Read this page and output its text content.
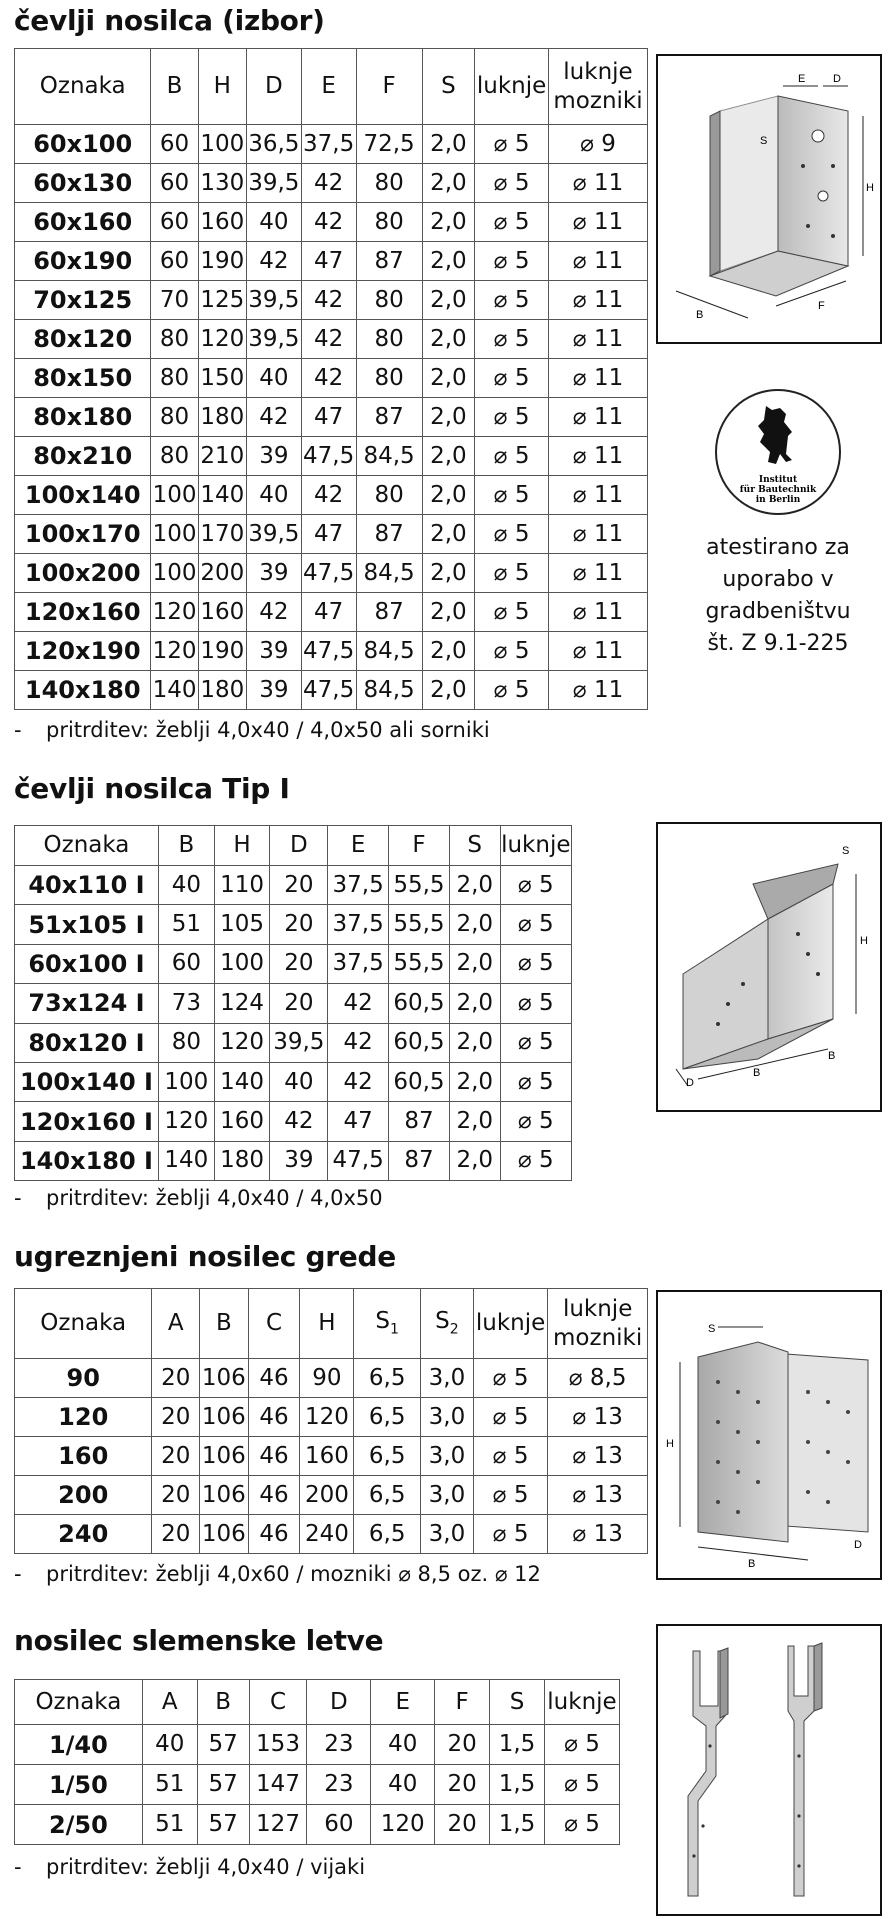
čevlji nosilca (izbor)
Oznaka	B	H	D	E	F	S	luknje	luknje mozniki
60x100	60	100	36,5	37,5	72,5	2,0	⌀ 5	⌀ 9
60x130	60	130	39,5	42	80	2,0	⌀ 5	⌀ 11
60x160	60	160	40	42	80	2,0	⌀ 5	⌀ 11
60x190	60	190	42	47	87	2,0	⌀ 5	⌀ 11
70x125	70	125	39,5	42	80	2,0	⌀ 5	⌀ 11
80x120	80	120	39,5	42	80	2,0	⌀ 5	⌀ 11
80x150	80	150	40	42	80	2,0	⌀ 5	⌀ 11
80x180	80	180	42	47	87	2,0	⌀ 5	⌀ 11
80x210	80	210	39	47,5	84,5	2,0	⌀ 5	⌀ 11
100x140	100	140	40	42	80	2,0	⌀ 5	⌀ 11
100x170	100	170	39,5	47	87	2,0	⌀ 5	⌀ 11
100x200	100	200	39	47,5	84,5	2,0	⌀ 5	⌀ 11
120x160	120	160	42	47	87	2,0	⌀ 5	⌀ 11
120x190	120	190	39	47,5	84,5	2,0	⌀ 5	⌀ 11
140x180	140	180	39	47,5	84,5	2,0	⌀ 5	⌀ 11
- pritrditev: žeblji 4,0x40 / 4,0x50 ali sorniki
B
F
H
E	D
S
Institut
für Bautechnik
in Berlin
atestirano za
uporabo v
gradbeništvu
št. Z 9.1-225
čevlji nosilca Tip I
Oznaka	B	H	D	E	F	S	luknje
40x110 I	40	110	20	37,5	55,5	2,0	⌀ 5
51x105 I	51	105	20	37,5	55,5	2,0	⌀ 5
60x100 I	60	100	20	37,5	55,5	2,0	⌀ 5
73x124 I	73	124	20	42	60,5	2,0	⌀ 5
80x120 I	80	120	39,5	42	60,5	2,0	⌀ 5
100x140 I	100	140	40	42	60,5	2,0	⌀ 5
120x160 I	120	160	42	47	87	2,0	⌀ 5
140x180 I	140	180	39	47,5	87	2,0	⌀ 5
- pritrditev: žeblji 4,0x40 / 4,0x50
S
H
D
B
B
ugreznjeni nosilec grede
Oznaka	A	B	C	H	$S_1$	$S_2$	luknje	luknje mozniki
90	20	106	46	90	6,5	3,0	⌀ 5	⌀ 8,5
120	20	106	46	120	6,5	3,0	⌀ 5	⌀ 13
160	20	106	46	160	6,5	3,0	⌀ 5	⌀ 13
200	20	106	46	200	6,5	3,0	⌀ 5	⌀ 13
240	20	106	46	240	6,5	3,0	⌀ 5	⌀ 13
- pritrditev: žeblji 4,0x60 / mozniki ⌀ 8,5 oz. ⌀ 12
S
H
B
D
nosilec slemenske letve
Oznaka	A	B	C	D	E	F	S	luknje
1/40	40	57	153	23	40	20	1,5	⌀ 5
1/50	51	57	147	23	40	20	1,5	⌀ 5
2/50	51	57	127	60	120	20	1,5	⌀ 5
- pritrditev: žeblji 4,0x40 / vijaki
